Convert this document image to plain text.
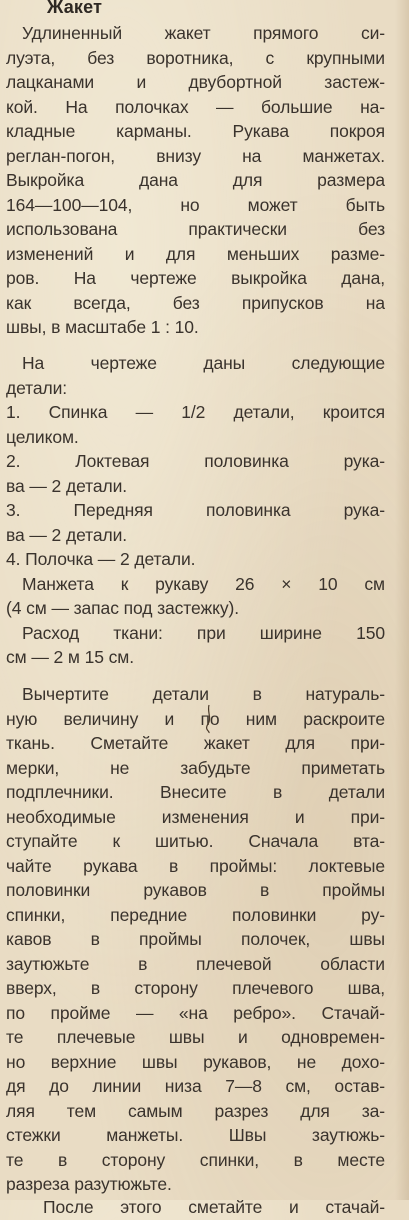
Жакет
Удлиненный жакет прямого си-
луэта, без воротника, с крупными
лацканами и двубортной застеж-
кой. На полочках — большие на-
кладные карманы. Рукава покроя
реглан-погон, внизу на манжетах.
Выкройка дана для размера
164—100—104, но может быть
использована практически без
изменений и для меньших разме-
ров. На чертеже выкройка дана,
как всегда, без припусков на
швы, в масштабе 1 : 10.
На чертеже даны следующие
детали:
1. Спинка — 1/2 детали, кроится
целиком.
2. Локтевая половинка рука-
ва — 2 детали.
3. Передняя половинка рука-
ва — 2 детали.
4. Полочка — 2 детали.
Манжета к рукаву 26 × 10 см
(4 см — запас под застежку).
Расход ткани: при ширине 150
см — 2 м 15 см.
Вычертите детали в натураль-
ную величину и по ним раскроите
ткань. Сметайте жакет для при-
мерки, не забудьте приметать
подплечники. Внесите в детали
необходимые изменения и при-
ступайте к шитью. Сначала вта-
чайте рукава в проймы: локтевые
половинки рукавов в проймы
спинки, передние половинки ру-
кавов в проймы полочек, швы
заутюжьте в плечевой области
вверх, в сторону плечевого шва,
по пройме — «на ребро». Стачай-
те плечевые швы и одновремен-
но верхние швы рукавов, не дохо-
дя до линии низа 7—8 см, остав-
ляя тем самым разрез для за-
стежки манжеты. Швы заутюжь-
те в сторону спинки, в месте
разреза разутюжьте.
После этого сметайте и стачай-
